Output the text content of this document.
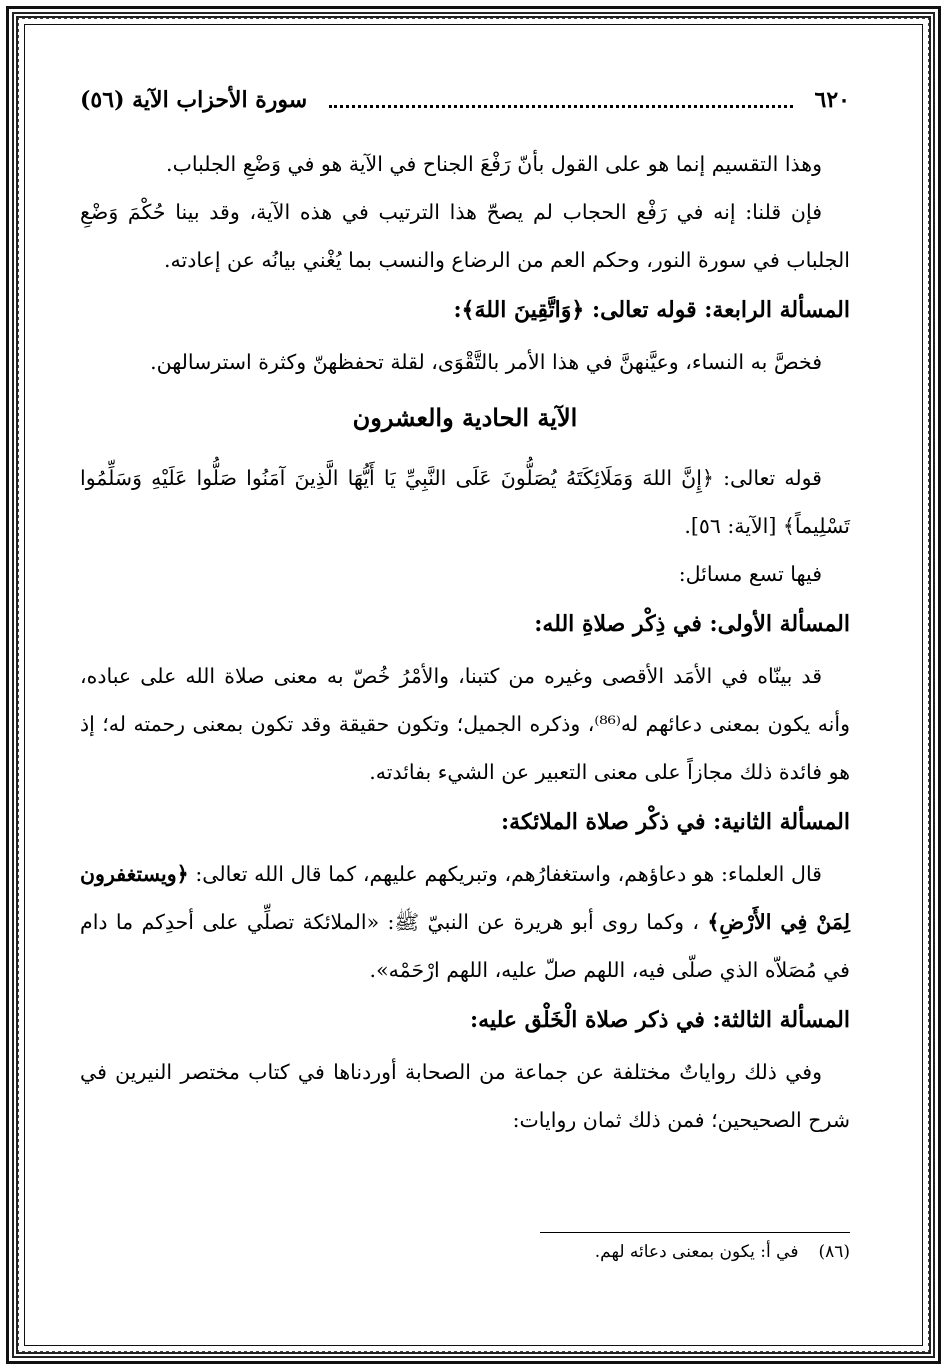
٦٢٠
سورة الأحزاب الآية (٥٦)

وهذا التقسيم إنما هو على القول بأنّ رَفْعَ الجناح في الآية هو في وَضْعِ الجلباب.

فإن قلنا: إنه في رَفْع الحجاب لم يصحّ هذا الترتيب في هذه الآية، وقد بينا حُكْمَ وَضْعِ الجلباب في سورة النور، وحكم العم من الرضاع والنسب بما يُغْني بيانُه عن إعادته.

المسألة الرابعة: قوله تعالى: ﴿وَاتَّقِينَ اللهَ﴾:

فخصَّ به النساء، وعيَّنهنَّ في هذا الأمر بالتَّقْوَى، لقلة تحفظهنّ وكثرة استرسالهن.

الآية الحادية والعشرون

قوله تعالى: ﴿إِنَّ اللهَ وَمَلَائِكَتَهُ يُصَلُّونَ عَلَى النَّبِيِّ يَا أَيُّهَا الَّذِينَ آمَنُوا صَلُّوا عَلَيْهِ وَسَلِّمُوا تَسْلِيماً﴾ [الآية: ٥٦].

فيها تسع مسائل:

المسألة الأولى: في ذِكْر صلاةِ الله:

قد بينّاه في الأمَد الأقصى وغيره من كتبنا، والأمْرُ خُصّ به معنى صلاة الله على عباده، وأنه يكون بمعنى دعائهم له⁽⁸⁶⁾، وذكره الجميل؛ وتكون حقيقة وقد تكون بمعنى رحمته له؛ إذ هو فائدة ذلك مجازاً على معنى التعبير عن الشيء بفائدته.

المسألة الثانية: في ذكْر صلاة الملائكة:

قال العلماء: هو دعاؤهم، واستغفارُهم، وتبريكهم عليهم، كما قال الله تعالى: ﴿ويستغفرون لِمَنْ فِي الأَرْضِ﴾ ، وكما روى أبو هريرة عن النبيّ ﷺ: «الملائكة تصلِّي على أحدِكم ما دام في مُصَلاّه الذي صلّى فيه، اللهم صلّ عليه، اللهم ارْحَمْه».

المسألة الثالثة: في ذكر صلاة الْخَلْق عليه:

وفي ذلك رواياتٌ مختلفة عن جماعة من الصحابة أوردناها في كتاب مختصر النيرين في شرح الصحيحين؛ فمن ذلك ثمان روايات:

(٨٦)
في أ: يكون بمعنى دعائه لهم.
